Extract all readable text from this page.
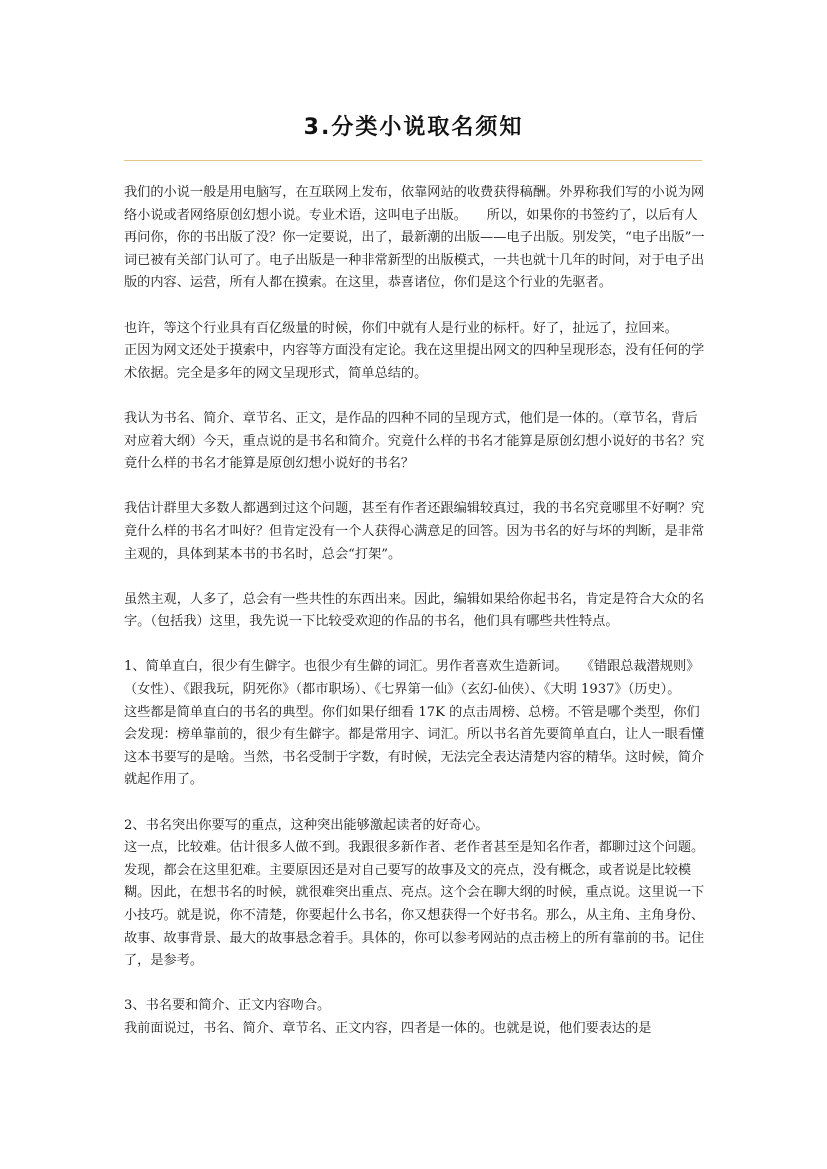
3.分类小说取名须知

我们的小说一般是用电脑写，在互联网上发布，依靠网站的收费获得稿酬。外界称我们写的小说为网络小说或者网络原创幻想小说。专业术语，这叫电子出版。　　所以，如果你的书签约了，以后有人再问你，你的书出版了没？你一定要说，出了，最新潮的出版——电子出版。别发笑，“电子出版”一词已被有关部门认可了。电子出版是一种非常新型的出版模式，一共也就十几年的时间，对于电子出版的内容、运营，所有人都在摸索。在这里，恭喜诸位，你们是这个行业的先驱者。

也许，等这个行业具有百亿级量的时候，你们中就有人是行业的标杆。好了，扯远了，拉回来。　　正因为网文还处于摸索中，内容等方面没有定论。我在这里提出网文的四种呈现形态，没有任何的学术依据。完全是多年的网文呈现形式，简单总结的。

我认为书名、简介、章节名、正文，是作品的四种不同的呈现方式，他们是一体的。（章节名，背后对应着大纲）今天，重点说的是书名和简介。究竟什么样的书名才能算是原创幻想小说好的书名？究竟什么样的书名才能算是原创幻想小说好的书名？

我估计群里大多数人都遇到过这个问题，甚至有作者还跟编辑较真过，我的书名究竟哪里不好啊？究竟什么样的书名才叫好？但肯定没有一个人获得心满意足的回答。因为书名的好与坏的判断，是非常主观的，具体到某本书的书名时，总会“打架”。

虽然主观，人多了，总会有一些共性的东西出来。因此，编辑如果给你起书名，肯定是符合大众的名字。（包括我）这里，我先说一下比较受欢迎的作品的书名，他们具有哪些共性特点。

1、简单直白，很少有生僻字。也很少有生僻的词汇。男作者喜欢生造新词。　　《错跟总裁潜规则》（女性）、《跟我玩，阴死你》（都市职场）、《七界第一仙》（玄幻-仙侠）、《大明 1937》（历史）。　　这些都是简单直白的书名的典型。你们如果仔细看 17K 的点击周榜、总榜。不管是哪个类型，你们会发现：榜单靠前的，很少有生僻字。都是常用字、词汇。所以书名首先要简单直白，让人一眼看懂这本书要写的是啥。当然，书名受制于字数，有时候，无法完全表达清楚内容的精华。这时候，简介就起作用了。

2、书名突出你要写的重点，这种突出能够激起读者的好奇心。
这一点，比较难。估计很多人做不到。我跟很多新作者、老作者甚至是知名作者，都聊过这个问题。发现，都会在这里犯难。主要原因还是对自己要写的故事及文的亮点，没有概念，或者说是比较模糊。因此，在想书名的时候，就很难突出重点、亮点。这个会在聊大纲的时候，重点说。这里说一下小技巧。就是说，你不清楚，你要起什么书名，你又想获得一个好书名。那么，从主角、主角身份、故事、故事背景、最大的故事悬念着手。具体的，你可以参考网站的点击榜上的所有靠前的书。记住了，是参考。

3、书名要和简介、正文内容吻合。
我前面说过，书名、简介、章节名、正文内容，四者是一体的。也就是说，他们要表达的是
